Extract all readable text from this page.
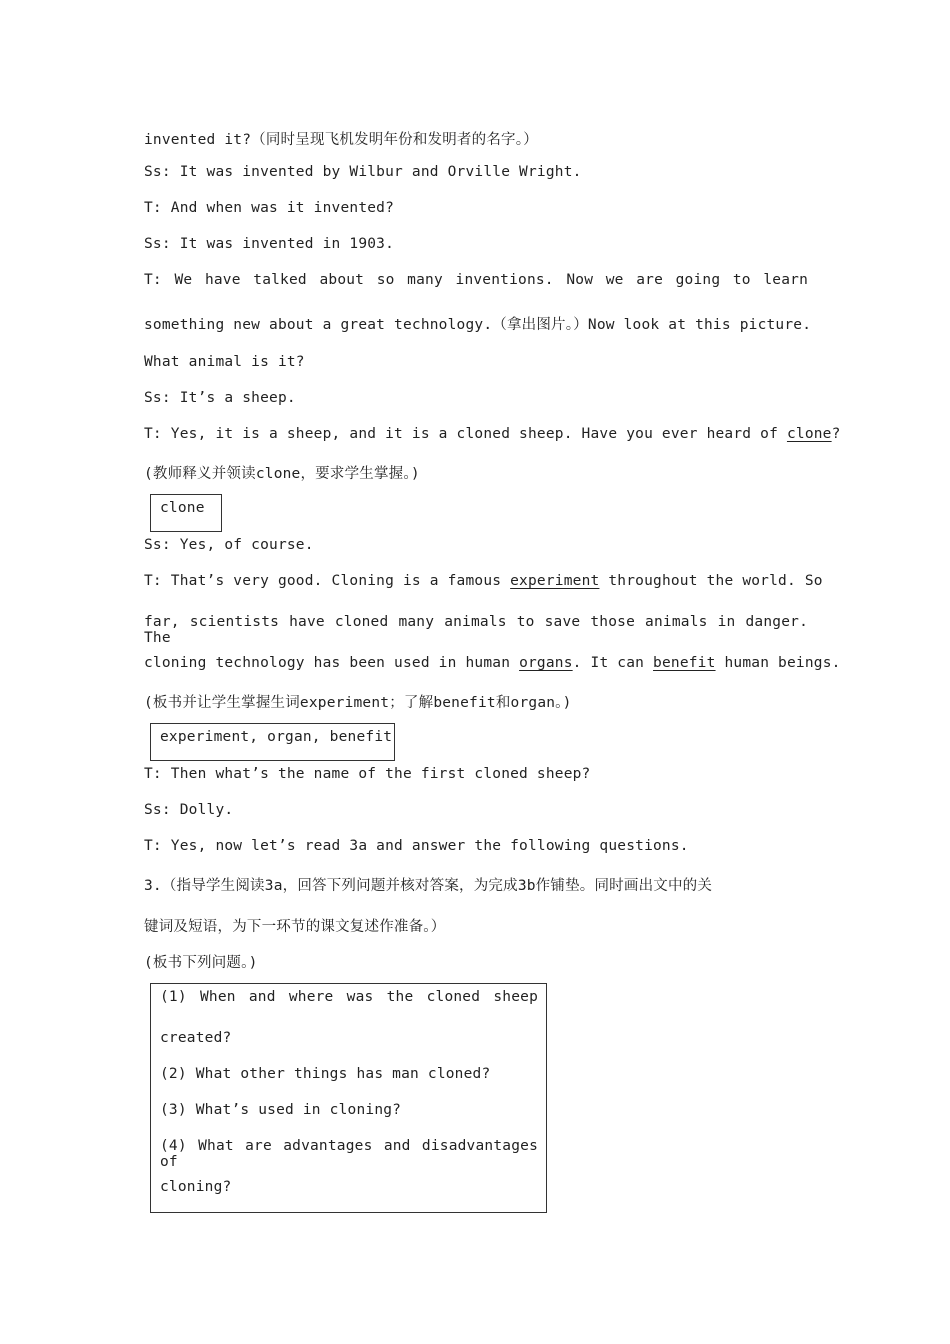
invented it?（同时呈现飞机发明年份和发明者的名字。）
Ss: It was invented by Wilbur and Orville Wright.
T: And when was it invented?
Ss: It was invented in 1903.
T: We have talked about so many inventions. Now we are going to learn
something new about a great technology.（拿出图片。）Now look at this picture.
What animal is it?
Ss: It’s a sheep.
T: Yes, it is a sheep, and it is a cloned sheep. Have you ever heard of clone?
(教师释义并领读clone，要求学生掌握。)
clone
Ss: Yes, of course.
T: That’s very good. Cloning is a famous experiment throughout the world. So
far, scientists have cloned many animals to save those animals in danger. The
cloning technology has been used in human organs. It can benefit human beings.
(板书并让学生掌握生词experiment；了解benefit和organ。)
experiment, organ, benefit
T: Then what’s the name of the first cloned sheep?
Ss: Dolly.
T: Yes, now let’s read 3a and answer the following questions.
3.（指导学生阅读3a，回答下列问题并核对答案，为完成3b作铺垫。同时画出文中的关
键词及短语，为下一环节的课文复述作准备。）
(板书下列问题。)
(1) When and where was the cloned sheep
created?
(2) What other things has man cloned?
(3) What’s used in cloning?
(4) What are advantages and disadvantages of
cloning?
